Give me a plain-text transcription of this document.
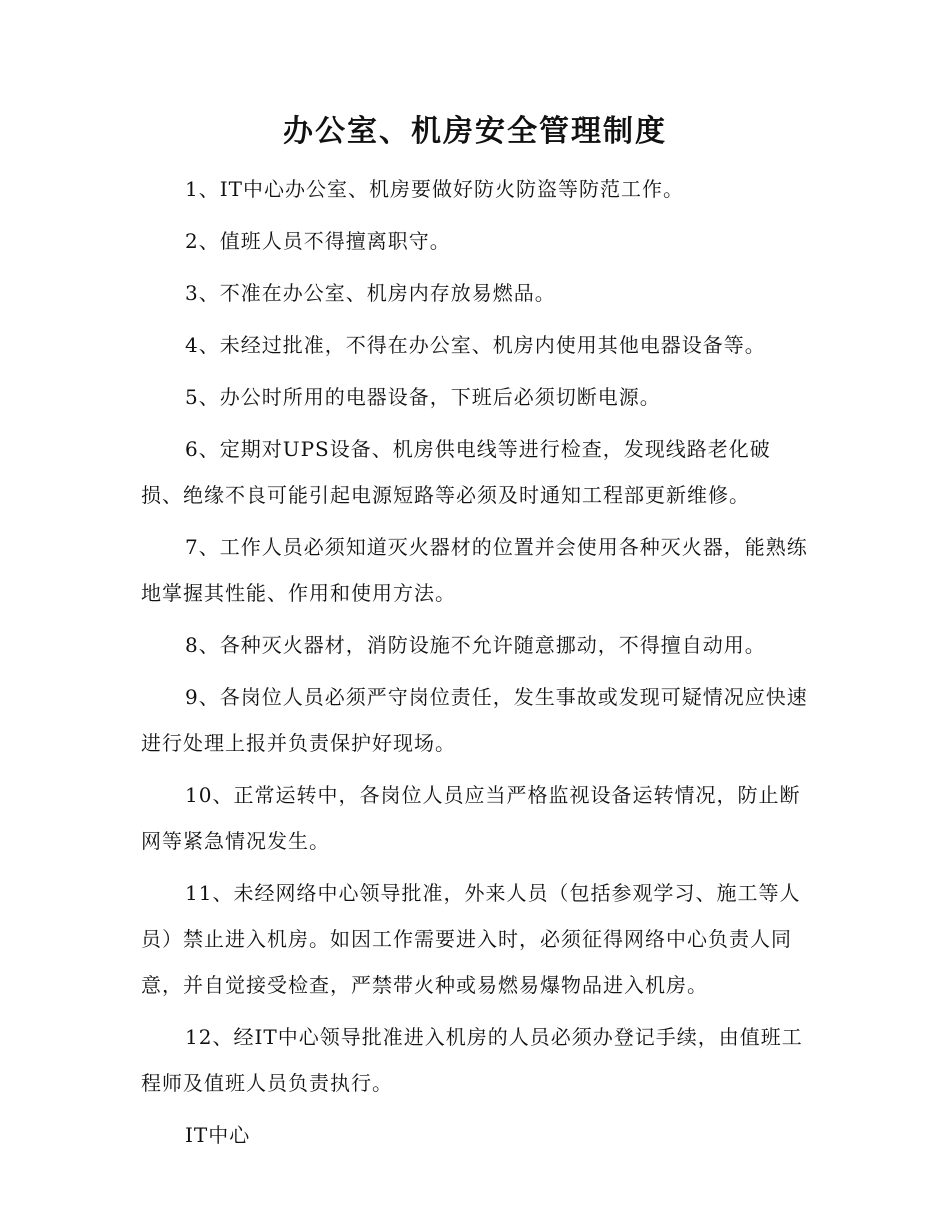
办公室、机房安全管理制度

1、IT中心办公室、机房要做好防火防盗等防范工作。

2、值班人员不得擅离职守。

3、不准在办公室、机房内存放易燃品。

4、未经过批准，不得在办公室、机房内使用其他电器设备等。

5、办公时所用的电器设备，下班后必须切断电源。

6、定期对UPS设备、机房供电线等进行检查，发现线路老化破损、绝缘不良可能引起电源短路等必须及时通知工程部更新维修。

7、工作人员必须知道灭火器材的位置并会使用各种灭火器，能熟练地掌握其性能、作用和使用方法。

8、各种灭火器材，消防设施不允许随意挪动，不得擅自动用。

9、各岗位人员必须严守岗位责任，发生事故或发现可疑情况应快速进行处理上报并负责保护好现场。

10、正常运转中，各岗位人员应当严格监视设备运转情况，防止断网等紧急情况发生。

11、未经网络中心领导批准，外来人员（包括参观学习、施工等人员）禁止进入机房。如因工作需要进入时，必须征得网络中心负责人同意，并自觉接受检查，严禁带火种或易燃易爆物品进入机房。

12、经IT中心领导批准进入机房的人员必须办登记手续，由值班工程师及值班人员负责执行。

IT中心
